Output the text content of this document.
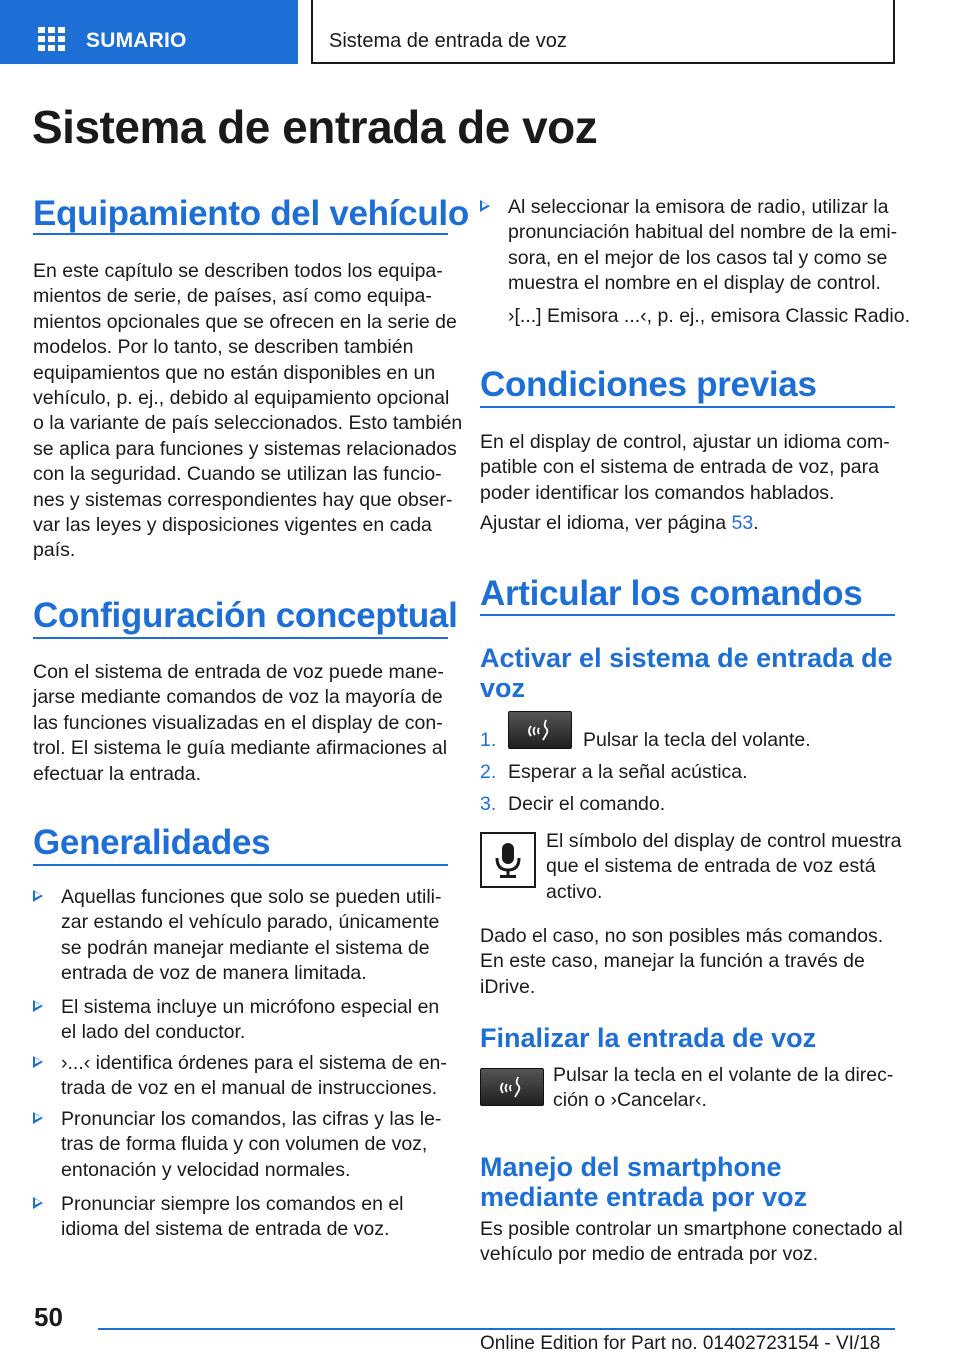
SUMARIO	Sistema de entrada de voz
Sistema de entrada de voz
Equipamiento del vehículo
En este capítulo se describen todos los equipa‐
mientos de serie, de países, así como equipa‐
mientos opcionales que se ofrecen en la serie de
modelos. Por lo tanto, se describen también
equipamientos que no están disponibles en un
vehículo, p. ej., debido al equipamiento opcional
o la variante de país seleccionados. Esto también
se aplica para funciones y sistemas relacionados
con la seguridad. Cuando se utilizan las funcio‐
nes y sistemas correspondientes hay que obser‐
var las leyes y disposiciones vigentes en cada
país.
Configuración conceptual
Con el sistema de entrada de voz puede mane‐
jarse mediante comandos de voz la mayoría de
las funciones visualizadas en el display de con‐
trol. El sistema le guía mediante afirmaciones al
efectuar la entrada.
Generalidades
Aquellas funciones que solo se pueden utili‐
zar estando el vehículo parado, únicamente
se podrán manejar mediante el sistema de
entrada de voz de manera limitada.
El sistema incluye un micrófono especial en
el lado del conductor.
›...‹ identifica órdenes para el sistema de en‐
trada de voz en el manual de instrucciones.
Pronunciar los comandos, las cifras y las le‐
tras de forma fluida y con volumen de voz,
entonación y velocidad normales.
Pronunciar siempre los comandos en el
idioma del sistema de entrada de voz.
Al seleccionar la emisora de radio, utilizar la
pronunciación habitual del nombre de la emi‐
sora, en el mejor de los casos tal y como se
muestra el nombre en el display de control.
›[...] Emisora ...‹, p. ej., emisora Classic Radio.
Condiciones previas
En el display de control, ajustar un idioma com‐
patible con el sistema de entrada de voz, para
poder identificar los comandos hablados.
Ajustar el idioma, ver página 53.
Articular los comandos
Activar el sistema de entrada de
voz
1.	Pulsar la tecla del volante.
2. Esperar a la señal acústica.
3. Decir el comando.
El símbolo del display de control muestra
que el sistema de entrada de voz está
activo.
Dado el caso, no son posibles más comandos.
En este caso, manejar la función a través de
iDrive.
Finalizar la entrada de voz
Pulsar la tecla en el volante de la direc‐
ción o ›Cancelar‹.
Manejo del smartphone
mediante entrada por voz
Es posible controlar un smartphone conectado al
vehículo por medio de entrada por voz.
50
Online Edition for Part no. 01402723154 - VI/18
